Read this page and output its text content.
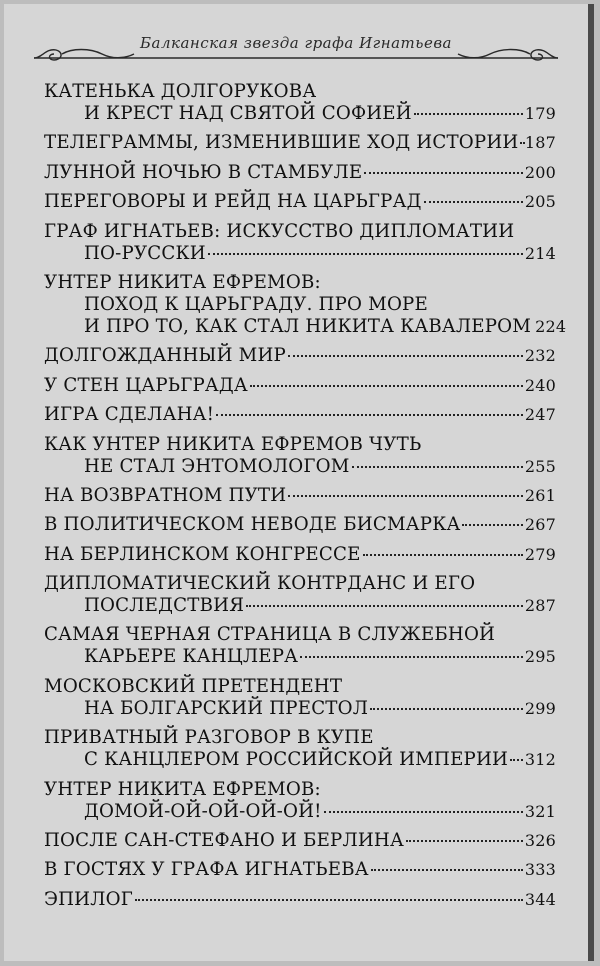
Балканская звезда графа Игнатьева
КАТЕНЬКА ДОЛГОРУКОВА
И КРЕСТ НАД СВЯТОЙ СОФИЕЙ	179
ТЕЛЕГРАММЫ, ИЗМЕНИВШИЕ ХОД ИСТОРИИ 187
ЛУННОЙ НОЧЬЮ В СТАМБУЛЕ	200
ПЕРЕГОВОРЫ И РЕЙД НА ЦАРЬГРАД	205
ГРАФ ИГНАТЬЕВ: ИСКУССТВО ДИПЛОМАТИИ
ПО-РУССКИ	214
УНТЕР НИКИТА ЕФРЕМОВ:
ПОХОД К ЦАРЬГРАДУ. ПРО МОРЕ
И ПРО ТО, КАК СТАЛ НИКИТА КАВАЛЕРОМ 224
ДОЛГОЖДАННЫЙ МИР	232
У СТЕН ЦАРЬГРАДА	240
ИГРА СДЕЛАНА!	247
КАК УНТЕР НИКИТА ЕФРЕМОВ ЧУТЬ
НЕ СТАЛ ЭНТОМОЛОГОМ	255
НА ВОЗВРАТНОМ ПУТИ	261
В ПОЛИТИЧЕСКОМ НЕВОДЕ БИСМАРКА	267
НА БЕРЛИНСКОМ КОНГРЕССЕ	279
ДИПЛОМАТИЧЕСКИЙ КОНТРДАНС И ЕГО
ПОСЛЕДСТВИЯ	287
САМАЯ ЧЕРНАЯ СТРАНИЦА В СЛУЖЕБНОЙ
КАРЬЕРЕ КАНЦЛЕРА	295
МОСКОВСКИЙ ПРЕТЕНДЕНТ
НА БОЛГАРСКИЙ ПРЕСТОЛ	299
ПРИВАТНЫЙ РАЗГОВОР В КУПЕ
С КАНЦЛЕРОМ РОССИЙСКОЙ ИМПЕРИИ 312
УНТЕР НИКИТА ЕФРЕМОВ:
ДОМОЙ-ОЙ-ОЙ-ОЙ-ОЙ!	321
ПОСЛЕ САН-СТЕФАНО И БЕРЛИНА	326
В ГОСТЯХ У ГРАФА ИГНАТЬЕВА	333
ЭПИЛОГ	344
